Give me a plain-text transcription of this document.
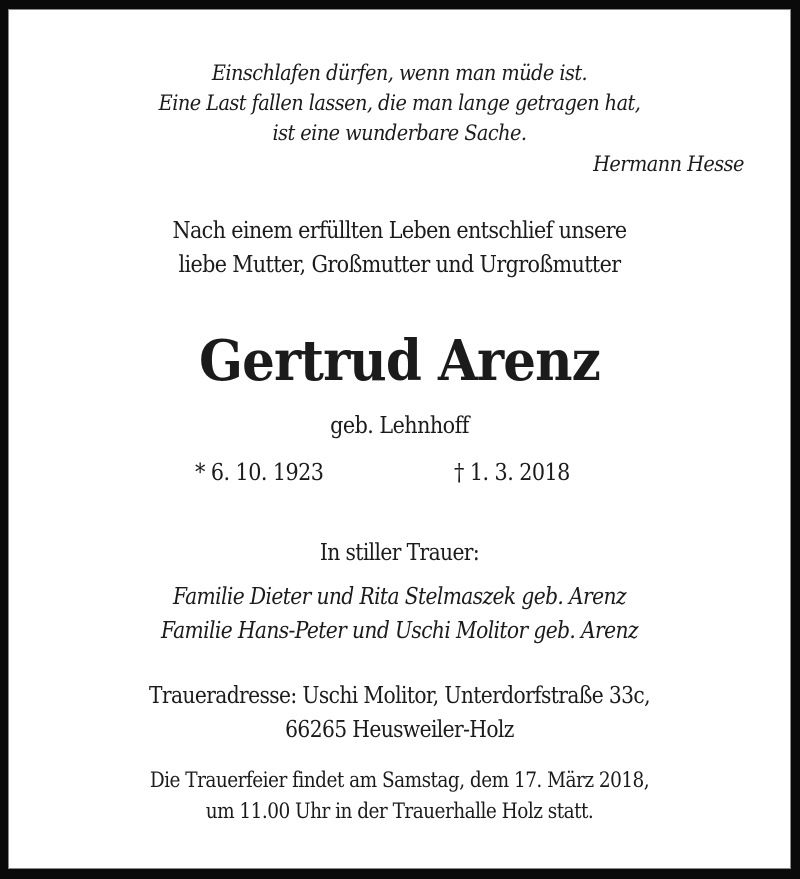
Einschlafen dürfen, wenn man müde ist.
Eine Last fallen lassen, die man lange getragen hat,
ist eine wunderbare Sache.
Hermann Hesse
Nach einem erfüllten Leben entschlief unsere
liebe Mutter, Großmutter und Urgroßmutter
Gertrud Arenz
geb. Lehnhoff
* 6. 10. 1923	† 1. 3. 2018
In stiller Trauer:
Familie Dieter und Rita Stelmaszek geb. Arenz
Familie Hans-Peter und Uschi Molitor geb. Arenz
Traueradresse: Uschi Molitor, Unterdorfstraße 33c,
66265 Heusweiler-Holz
Die Trauerfeier findet am Samstag, dem 17. März 2018,
um 11.00 Uhr in der Trauerhalle Holz statt.
